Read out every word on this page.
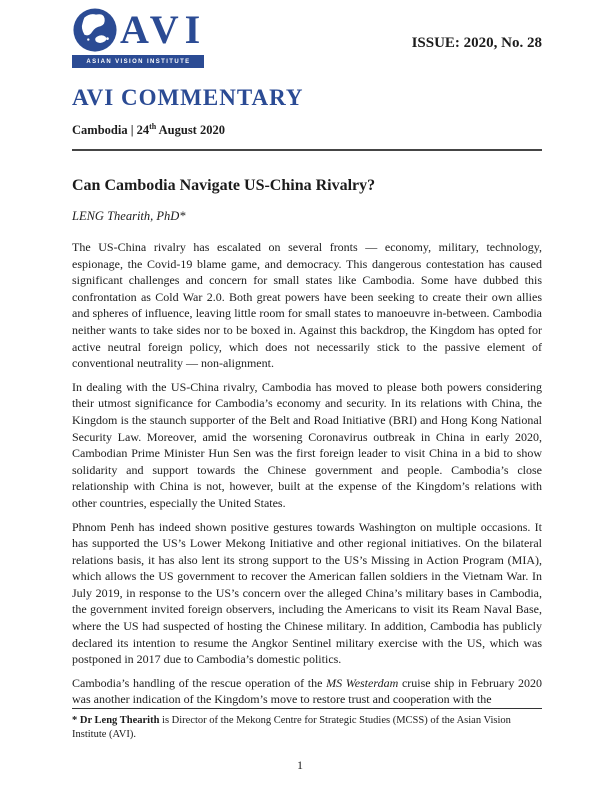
AVI
ASIAN VISION INSTITUTE
ISSUE: 2020, No. 28
AVI COMMENTARY
Cambodia | 24th August 2020
Can Cambodia Navigate US-China Rivalry?
LENG Thearith, PhD*

The US-China rivalry has escalated on several fronts — economy, military, technology, espionage, the Covid-19 blame game, and democracy. This dangerous contestation has caused significant challenges and concern for small states like Cambodia. Some have dubbed this confrontation as Cold War 2.0. Both great powers have been seeking to create their own allies and spheres of influence, leaving little room for small states to manoeuvre in-between. Cambodia neither wants to take sides nor to be boxed in. Against this backdrop, the Kingdom has opted for active neutral foreign policy, which does not necessarily stick to the passive element of conventional neutrality — non-alignment.

In dealing with the US-China rivalry, Cambodia has moved to please both powers considering their utmost significance for Cambodia’s economy and security. In its relations with China, the Kingdom is the staunch supporter of the Belt and Road Initiative (BRI) and Hong Kong National Security Law. Moreover, amid the worsening Coronavirus outbreak in China in early 2020, Cambodian Prime Minister Hun Sen was the first foreign leader to visit China in a bid to show solidarity and support towards the Chinese government and people. Cambodia’s close relationship with China is not, however, built at the expense of the Kingdom’s relations with other countries, especially the United States.

Phnom Penh has indeed shown positive gestures towards Washington on multiple occasions. It has supported the US’s Lower Mekong Initiative and other regional initiatives. On the bilateral relations basis, it has also lent its strong support to the US’s Missing in Action Program (MIA), which allows the US government to recover the American fallen soldiers in the Vietnam War. In July 2019, in response to the US’s concern over the alleged China’s military bases in Cambodia, the government invited foreign observers, including the Americans to visit its Ream Naval Base, where the US had suspected of hosting the Chinese military. In addition, Cambodia has publicly declared its intention to resume the Angkor Sentinel military exercise with the US, which was postponed in 2017 due to Cambodia’s domestic politics.

Cambodia’s handling of the rescue operation of the MS Westerdam cruise ship in February 2020 was another indication of the Kingdom’s move to restore trust and cooperation with the

* Dr Leng Thearith is Director of the Mekong Centre for Strategic Studies (MCSS) of the Asian Vision Institute (AVI).
1
